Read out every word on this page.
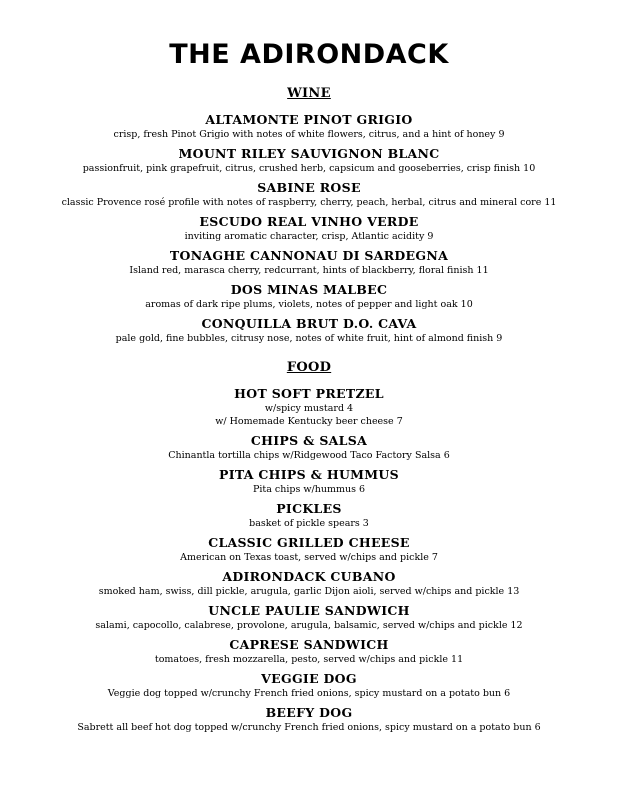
THE ADIRONDACK
WINE
ALTAMONTE PINOT GRIGIO
crisp, fresh Pinot Grigio with notes of white flowers, citrus, and a hint of honey 9
MOUNT RILEY SAUVIGNON BLANC
passionfruit, pink grapefruit, citrus, crushed herb, capsicum and gooseberries, crisp finish 10
SABINE ROSE
classic Provence rosé profile with notes of raspberry, cherry, peach, herbal, citrus and mineral core 11
ESCUDO REAL VINHO VERDE
inviting aromatic character, crisp, Atlantic acidity 9
TONAGHE CANNONAU DI SARDEGNA
Island red, marasca cherry, redcurrant, hints of blackberry, floral finish 11
DOS MINAS MALBEC
aromas of dark ripe plums, violets, notes of pepper and light oak 10
CONQUILLA BRUT D.O. CAVA
pale gold, fine bubbles, citrusy nose, notes of white fruit, hint of almond finish 9
FOOD
HOT SOFT PRETZEL
w/spicy mustard 4
w/ Homemade Kentucky beer cheese 7
CHIPS & SALSA
Chinantla tortilla chips w/Ridgewood Taco Factory Salsa 6
PITA CHIPS & HUMMUS
Pita chips w/hummus 6
PICKLES
basket of pickle spears 3
CLASSIC GRILLED CHEESE
American on Texas toast, served w/chips and pickle 7
ADIRONDACK CUBANO
smoked ham, swiss, dill pickle, arugula, garlic Dijon aioli, served w/chips and pickle 13
UNCLE PAULIE SANDWICH
salami, capocollo, calabrese, provolone, arugula, balsamic, served w/chips and pickle 12
CAPRESE SANDWICH
tomatoes, fresh mozzarella, pesto, served w/chips and pickle 11
VEGGIE DOG
Veggie dog topped w/crunchy French fried onions, spicy mustard on a potato bun 6
BEEFY DOG
Sabrett all beef hot dog topped w/crunchy French fried onions, spicy mustard on a potato bun 6
